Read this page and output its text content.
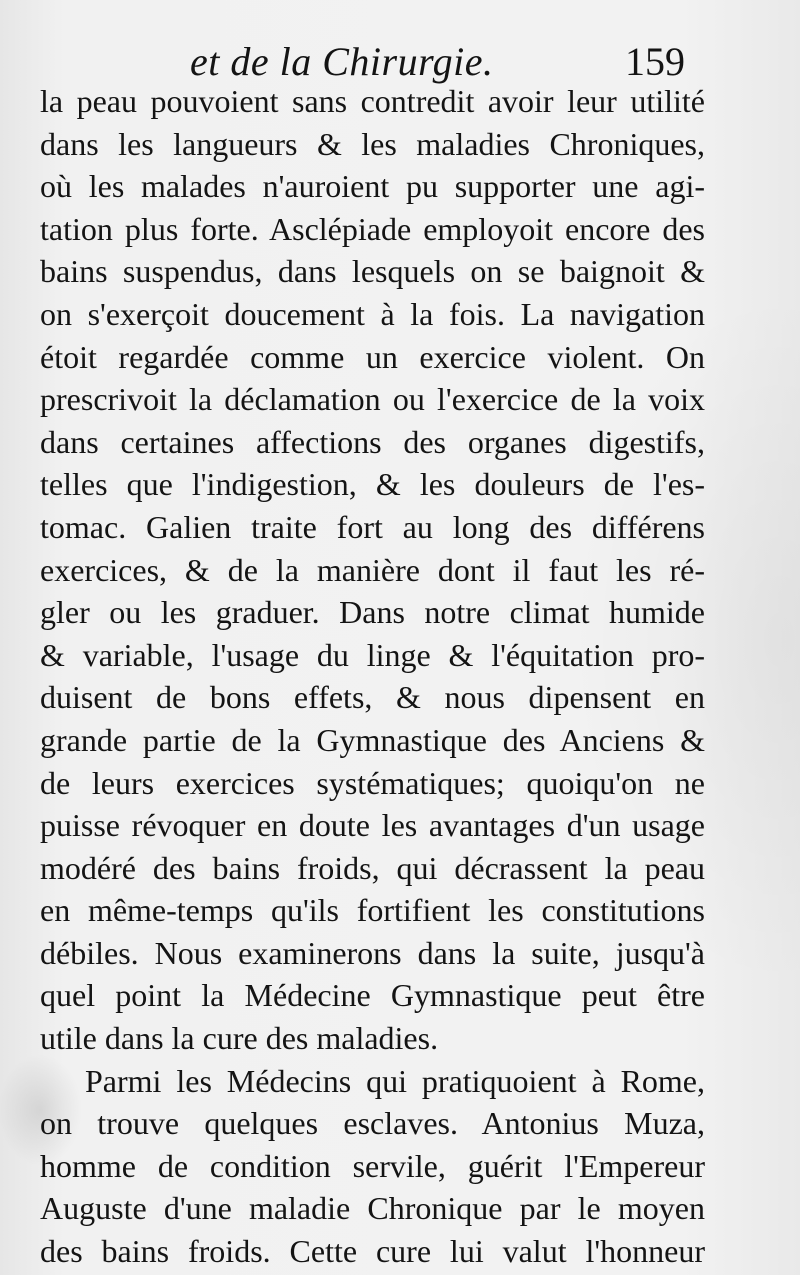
et de la Chirurgie.	159
la peau pouvoient sans contredit avoir leur utilité
dans les langueurs & les maladies Chroniques,
où les malades n'auroient pu supporter une agi-
tation plus forte. Asclépiade employoit encore des
bains suspendus, dans lesquels on se baignoit &
on s'exerçoit doucement à la fois. La navigation
étoit regardée comme un exercice violent. On
prescrivoit la déclamation ou l'exercice de la voix
dans certaines affections des organes digestifs,
telles que l'indigestion, & les douleurs de l'es-
tomac. Galien traite fort au long des différens
exercices, & de la manière dont il faut les ré-
gler ou les graduer. Dans notre climat humide
& variable, l'usage du linge & l'équitation pro-
duisent de bons effets, & nous dipensent en
grande partie de la Gymnastique des Anciens &
de leurs exercices systématiques; quoiqu'on ne
puisse révoquer en doute les avantages d'un usage
modéré des bains froids, qui décrassent la peau
en même-temps qu'ils fortifient les constitutions
débiles. Nous examinerons dans la suite, jusqu'à
quel point la Médecine Gymnastique peut être
utile dans la cure des maladies.
Parmi les Médecins qui pratiquoient à Rome,
on trouve quelques esclaves. Antonius Muza,
homme de condition servile, guérit l'Empereur
Auguste d'une maladie Chronique par le moyen
des bains froids. Cette cure lui valut l'honneur
